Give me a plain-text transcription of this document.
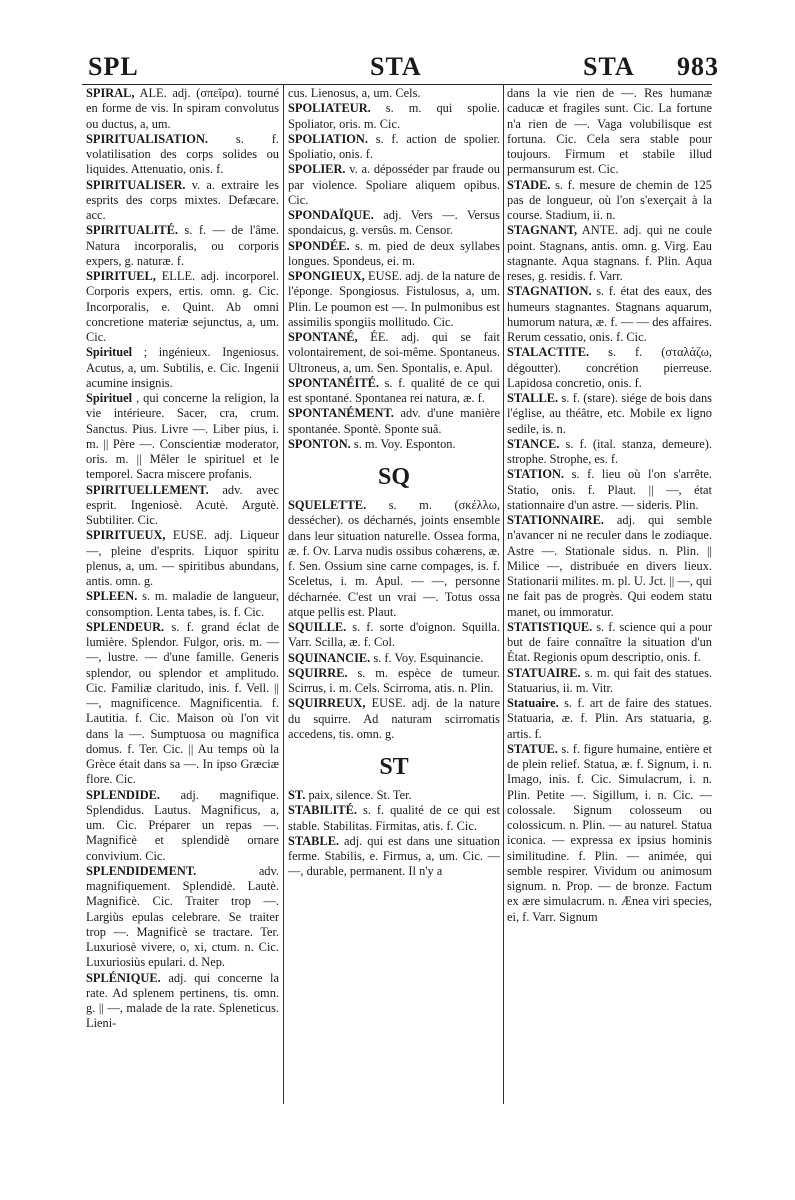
SPL	STA	STA 983

SPIRAL, ALE. adj. (σπεῖρα). tourné en forme de vis. In spiram convolutus ou ductus, a, um.

SPIRITUALISATION. s. f. volatilisation des corps solides ou liquides. Attenuatio, onis. f.

SPIRITUALISER. v. a. extraire les esprits des corps mixtes. Defæcare. acc.

SPIRITUALITÉ. s. f. — de l'âme. Natura incorporalis, ou corporis expers, g. naturæ. f.

SPIRITUEL, ELLE. adj. incorporel. Corporis expers, ertis. omn. g. Cic. Incorporalis, e. Quint. Ab omni concretione materiæ sejunctus, a, um. Cic.

Spirituel ; ingénieux. Ingeniosus. Acutus, a, um. Subtilis, e. Cic. Ingenii acumine insignis.

Spirituel , qui concerne la religion, la vie intérieure. Sacer, cra, crum. Sanctus. Pius. Livre —. Liber pius, i. m. || Père —. Conscientiæ moderator, oris. m. || Mêler le spirituel et le temporel. Sacra miscere profanis.

SPIRITUELLEMENT. adv. avec esprit. Ingeniosè. Acutè. Argutè. Subtiliter. Cic.

SPIRITUEUX, EUSE. adj. Liqueur —, pleine d'esprits. Liquor spiritu plenus, a, um. — spiritibus abundans, antis. omn. g.

SPLEEN. s. m. maladie de langueur, consomption. Lenta tabes, is. f. Cic.

SPLENDEUR. s. f. grand éclat de lumière. Splendor. Fulgor, oris. m. — —, lustre. — d'une famille. Generis splendor, ou splendor et amplitudo. Cic. Familiæ claritudo, inis. f. Vell. || —, magnificence. Magnificentia. f. Lautitia. f. Cic. Maison où l'on vit dans la —. Sumptuosa ou magnifica domus. f. Ter. Cic. || Au temps où la Grèce était dans sa —. In ipso Græciæ flore. Cic.

SPLENDIDE. adj. magnifique. Splendidus. Lautus. Magnificus, a, um. Cic. Préparer un repas —. Magnificè et splendidè ornare convivium. Cic.

SPLENDIDEMENT.	adv. magnifiquement. Splendidè. Lautè. Magnificè. Cic. Traiter trop —. Largiùs epulas celebrare. Se traiter trop —. Magnificè se tractare. Ter. Luxuriosè vivere, o, xi, ctum. n. Cic. Luxuriosiùs epulari. d. Nep.

SPLÉNIQUE. adj. qui concerne la rate. Ad splenem pertinens, tis. omn. g. || —, malade de la rate. Spleneticus. Lieni-

cus. Lienosus, a, um. Cels.

SPOLIATEUR. s. m. qui spolie. Spoliator, oris. m. Cic.

SPOLIATION. s. f. action de spolier. Spoliatio, onis. f.

SPOLIER. v. a. déposséder par fraude ou par violence. Spoliare aliquem opibus. Cic.

SPONDAÏQUE. adj. Vers —. Versus spondaicus, g. versûs. m. Censor.

SPONDÉE. s. m. pied de deux syllabes longues. Spondeus, ei. m.

SPONGIEUX, EUSE. adj. de la nature de l'éponge. Spongiosus. Fistulosus, a, um. Plin. Le poumon est —. In pulmonibus est assimilis spongiis mollitudo. Cic.

SPONTANÉ, ÉE. adj. qui se fait volontairement, de soi-même. Spontaneus. Ultroneus, a, um. Sen. Spontalis, e. Apul.

SPONTANÉITÉ. s. f. qualité de ce qui est spontané. Spontanea rei natura, æ. f.

SPONTANÉMENT. adv. d'une manière spontanée. Spontè. Sponte suâ.

SPONTON. s. m. Voy. Esponton.

SQ

SQUELETTE. s. m. (σκέλλω, dessécher). os décharnés, joints ensemble dans leur situation naturelle. Ossea forma, æ. f. Ov. Larva nudis ossibus cohærens, æ. f. Sen. Ossium sine carne compages, is. f. Sceletus, i. m. Apul. — —, personne décharnée. C'est un vrai —. Totus ossa atque pellis est. Plaut.

SQUILLE. s. f. sorte d'oignon. Squilla. Varr. Scilla, æ. f. Col.

SQUINANCIE. s. f. Voy. Esquinancie.

SQUIRRE. s. m. espèce de tumeur. Scirrus, i. m. Cels. Scirroma, atis. n. Plin.

SQUIRREUX, EUSE. adj. de la nature du squirre. Ad naturam scirromatis accedens, tis. omn. g.

ST

ST. paix, silence. St. Ter.

STABILITÉ. s. f. qualité de ce qui est stable. Stabilitas. Firmitas, atis. f. Cic.

STABLE. adj. qui est dans une situation ferme. Stabilis, e. Firmus, a, um. Cic. — —, durable, permanent. Il n'y a

dans la vie rien de —. Res humanæ caducæ et fragiles sunt. Cic. La fortune n'a rien de —. Vaga volubilisque est fortuna. Cic. Cela sera stable pour toujours. Firmum et stabile illud permansurum est. Cic.

STADE. s. f. mesure de chemin de 125 pas de longueur, où l'on s'exerçait à la course. Stadium, ii. n.

STAGNANT, ANTE. adj. qui ne coule point. Stagnans, antis. omn. g. Virg. Eau stagnante. Aqua stagnans. f. Plin. Aqua reses, g. residis. f. Varr.

STAGNATION. s. f. état des eaux, des humeurs stagnantes. Stagnans aquarum, humorum natura, æ. f. — — des affaires. Rerum cessatio, onis. f. Cic.

STALACTITE. s. f. (σταλάζω, dégoutter). concrétion pierreuse. Lapidosa concretio, onis. f.

STALLE. s. f. (stare). siége de bois dans l'église, au théâtre, etc. Mobile ex ligno sedile, is. n.

STANCE. s. f. (ital. stanza, demeure). strophe. Strophe, es. f.

STATION. s. f. lieu où l'on s'arrête. Statio, onis. f. Plaut. || —, état stationnaire d'un astre. — sideris. Plin.

STATIONNAIRE. adj. qui semble n'avancer ni ne reculer dans le zodiaque. Astre —. Stationale sidus. n. Plin. || Milice —, distribuée en divers lieux. Stationarii milites. m. pl. U. Jct. || —, qui ne fait pas de progrès. Qui eodem statu manet, ou immoratur.

STATISTIQUE. s. f. science qui a pour but de faire connaître la situation d'un État. Regionis opum descriptio, onis. f.

STATUAIRE. s. m. qui fait des statues. Statuarius, ii. m. Vitr.

Statuaire. s. f. art de faire des statues. Statuaria, æ. f. Plin. Ars statuaria, g. artis. f.

STATUE. s. f. figure humaine, entière et de plein relief. Statua, æ. f. Signum, i. n. Imago, inis. f. Cic. Simulacrum, i. n. Plin. Petite —. Sigillum, i. n. Cic. — colossale. Signum colosseum ou colossicum. n. Plin. — au naturel. Statua iconica. — expressa ex ipsius hominis similitudine. f. Plin. — animée, qui semble respirer. Vividum ou animosum signum. n. Prop. — de bronze. Factum ex ære simulacrum. n. Ænea viri species, ei, f. Varr. Signum
